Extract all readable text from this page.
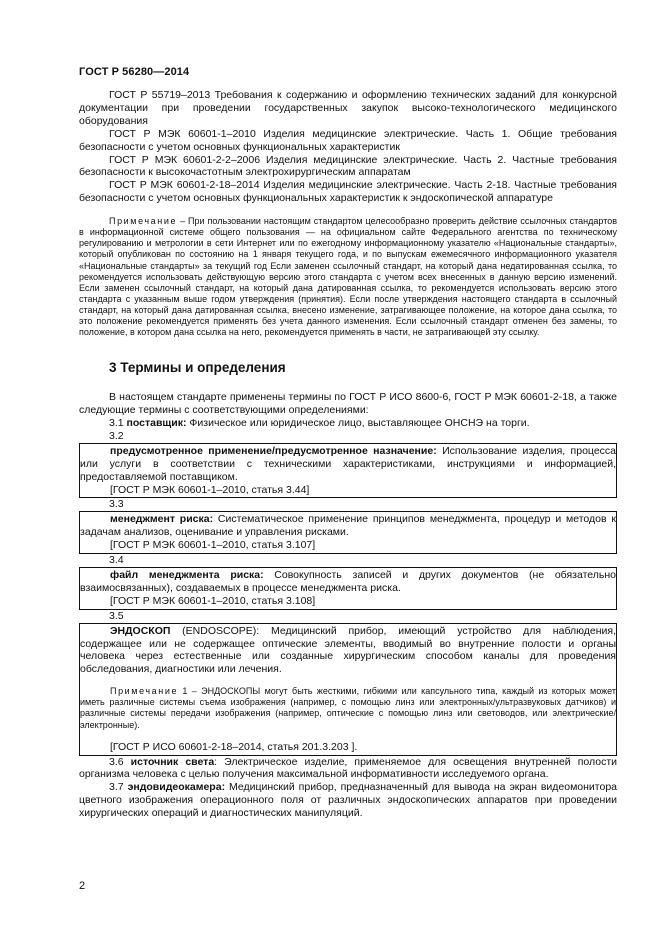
ГОСТ Р 56280—2014

ГОСТ Р 55719–2013 Требования к содержанию и оформлению технических заданий для конкурсной документации при проведении государственных закупок высоко-технологического медицинского оборудования

ГОСТ Р МЭК 60601-1–2010 Изделия медицинские электрические. Часть 1. Общие требования безопасности с учетом основных функциональных характеристик

ГОСТ Р МЭК 60601-2-2–2006 Изделия медицинские электрические. Часть 2. Частные требования безопасности к высокочастотным электрохирургическим аппаратам

ГОСТ Р МЭК 60601-2-18–2014 Изделия медицинские электрические. Часть 2-18. Частные требования безопасности с учетом основных функциональных характеристик к эндоскопической аппаратуре

Примечание – При пользовании настоящим стандартом целесообразно проверить действие ссылочных стандартов в информационной системе общего пользования — на официальном сайте Федерального агентства по техническому регулированию и метрологии в сети Интернет или по ежегодному информационному указателю «Национальные стандарты», который опубликован по состоянию на 1 января текущего года, и по выпускам ежемесячного информационного указателя «Национальные стандарты» за текущий год Если заменен ссылочный стандарт, на который дана недатированная ссылка, то рекомендуется использовать действующую версию этого стандарта с учетом всех внесенных в данную версию изменений. Если заменен ссылочный стандарт, на который дана датированная ссылка, то рекомендуется использовать версию этого стандарта с указанным выше годом утверждения (принятия). Если после утверждения настоящего стандарта в ссылочный стандарт, на который дана датированная ссылка, внесено изменение, затрагивающее положение, на которое дана ссылка, то это положение рекомендуется применять без учета данного изменения. Если ссылочный стандарт отменен без замены, то положение, в котором дана ссылка на него, рекомендуется применять в части, не затрагивающей эту ссылку.

3 Термины и определения

В настоящем стандарте применены термины по ГОСТ Р ИСО 8600-6, ГОСТ Р МЭК 60601-2-18, а также следующие термины с соответствующими определениями:

3.1 поставщик: Физическое или юридическое лицо, выставляющее ОНСНЭ на торги.

3.2

предусмотренное применение/предусмотренное назначение: Использование изделия, процесса или услуги в соответствии с техническими характеристиками, инструкциями и информацией, предоставляемой поставщиком.

[ГОСТ Р МЭК 60601-1–2010, статья 3.44]

3.3

менеджмент риска: Систематическое применение принципов менеджмента, процедур и методов к задачам анализов, оценивание и управления рисками.

[ГОСТ Р МЭК 60601-1–2010, статья 3.107]

3.4

файл менеджмента риска: Совокупность записей и других документов (не обязательно взаимосвязанных), создаваемых в процессе менеджмента риска.

[ГОСТ Р МЭК 60601-1–2010, статья 3.108]

3.5

ЭНДОСКОП (ENDOSCOPE): Медицинский прибор, имеющий устройство для наблюдения, содержащее или не содержащее оптические элементы, вводимый во внутренние полости и органы человека через естественные или созданные хирургическим способом каналы для проведения обследования, диагностики или лечения.

Примечание 1 – ЭНДОСКОПЫ могут быть жесткими, гибкими или капсульного типа, каждый из которых может иметь различные системы съема изображения (например, с помощью линз или электронных/ультразвуковых датчиков) и различные системы передачи изображения (например, оптические с помощью линз или световодов, или электрические/электронные).

[ГОСТ Р ИСО 60601-2-18–2014, статья 201.3.203 ].

3.6 источник света: Электрическое изделие, применяемое для освещения внутренней полости организма человека с целью получения максимальной информативности исследуемого органа.

3.7 эндовидеокамера: Медицинский прибор, предназначенный для вывода на экран видеомонитора цветного изображения операционного поля от различных эндоскопических аппаратов при проведении хирургических операций и диагностических манипуляций.

2
